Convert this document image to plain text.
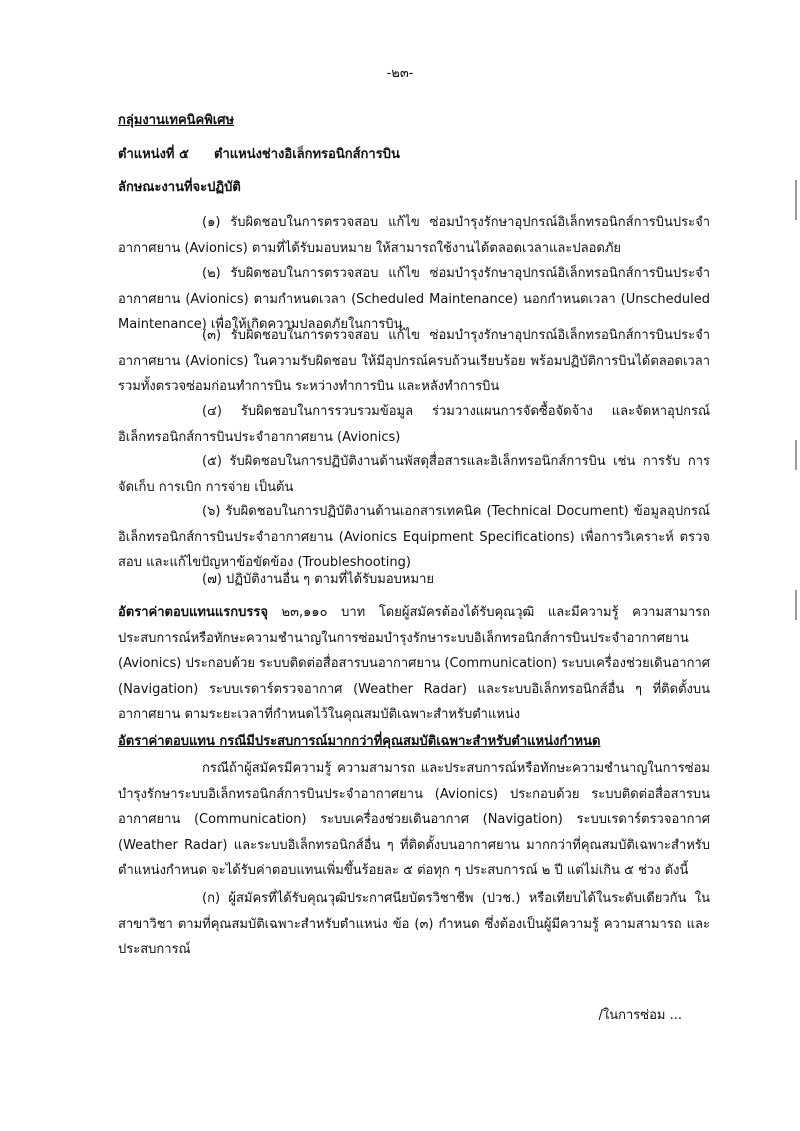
-๒๓-
กลุ่มงานเทคนิคพิเศษ
ตำแหน่งที่ ๕ ตำแหน่งช่างอิเล็กทรอนิกส์การบิน
ลักษณะงานที่จะปฏิบัติ
(๑) รับผิดชอบในการตรวจสอบ แก้ไข ซ่อมบำรุงรักษาอุปกรณ์อิเล็กทรอนิกส์การบินประจำอากาศยาน (Avionics) ตามที่ได้รับมอบหมาย ให้สามารถใช้งานได้ตลอดเวลาและปลอดภัย
(๒) รับผิดชอบในการตรวจสอบ แก้ไข ซ่อมบำรุงรักษาอุปกรณ์อิเล็กทรอนิกส์การบินประจำอากาศยาน (Avionics) ตามกำหนดเวลา (Scheduled Maintenance) นอกกำหนดเวลา (Unscheduled Maintenance) เพื่อให้เกิดความปลอดภัยในการบิน
(๓) รับผิดชอบในการตรวจสอบ แก้ไข ซ่อมบำรุงรักษาอุปกรณ์อิเล็กทรอนิกส์การบินประจำอากาศยาน (Avionics) ในความรับผิดชอบ ให้มีอุปกรณ์ครบถ้วนเรียบร้อย พร้อมปฏิบัติการบินได้ตลอดเวลา รวมทั้งตรวจซ่อมก่อนทำการบิน ระหว่างทำการบิน และหลังทำการบิน
(๔) รับผิดชอบในการรวบรวมข้อมูล ร่วมวางแผนการจัดซื้อจัดจ้าง และจัดหาอุปกรณ์อิเล็กทรอนิกส์การบินประจำอากาศยาน (Avionics)
(๕) รับผิดชอบในการปฏิบัติงานด้านพัสดุสื่อสารและอิเล็กทรอนิกส์การบิน เช่น การรับ การจัดเก็บ การเบิก การจ่าย เป็นต้น
(๖) รับผิดชอบในการปฏิบัติงานด้านเอกสารเทคนิค (Technical Document) ข้อมูลอุปกรณ์อิเล็กทรอนิกส์การบินประจำอากาศยาน (Avionics Equipment Specifications) เพื่อการวิเคราะห์ ตรวจสอบ และแก้ไขปัญหาข้อขัดข้อง (Troubleshooting)
(๗) ปฏิบัติงานอื่น ๆ ตามที่ได้รับมอบหมาย
อัตราค่าตอบแทนแรกบรรจุ ๒๓,๑๑๐ บาท โดยผู้สมัครต้องได้รับคุณวุฒิ และมีความรู้ ความสามารถ ประสบการณ์หรือทักษะความชำนาญในการซ่อมบำรุงรักษาระบบอิเล็กทรอนิกส์การบินประจำอากาศยาน (Avionics) ประกอบด้วย ระบบติดต่อสื่อสารบนอากาศยาน (Communication) ระบบเครื่องช่วยเดินอากาศ (Navigation) ระบบเรดาร์ตรวจอากาศ (Weather Radar) และระบบอิเล็กทรอนิกส์อื่น ๆ ที่ติดตั้งบนอากาศยาน ตามระยะเวลาที่กำหนดไว้ในคุณสมบัติเฉพาะสำหรับตำแหน่ง
อัตราค่าตอบแทน กรณีมีประสบการณ์มากกว่าที่คุณสมบัติเฉพาะสำหรับตำแหน่งกำหนด
กรณีถ้าผู้สมัครมีความรู้ ความสามารถ และประสบการณ์หรือทักษะความชำนาญในการซ่อมบำรุงรักษาระบบอิเล็กทรอนิกส์การบินประจำอากาศยาน (Avionics) ประกอบด้วย ระบบติดต่อสื่อสารบนอากาศยาน (Communication) ระบบเครื่องช่วยเดินอากาศ (Navigation) ระบบเรดาร์ตรวจอากาศ (Weather Radar) และระบบอิเล็กทรอนิกส์อื่น ๆ ที่ติดตั้งบนอากาศยาน มากกว่าที่คุณสมบัติเฉพาะสำหรับตำแหน่งกำหนด จะได้รับค่าตอบแทนเพิ่มขึ้นร้อยละ ๕ ต่อทุก ๆ ประสบการณ์ ๒ ปี แต่ไม่เกิน ๕ ช่วง ดังนี้
(ก) ผู้สมัครที่ได้รับคุณวุฒิประกาศนียบัตรวิชาชีพ (ปวช.) หรือเทียบได้ในระดับเดียวกัน ในสาขาวิชา ตามที่คุณสมบัติเฉพาะสำหรับตำแหน่ง ข้อ (๓) กำหนด ซึ่งต้องเป็นผู้มีความรู้ ความสามารถ และประสบการณ์
/ในการซ่อม ...
